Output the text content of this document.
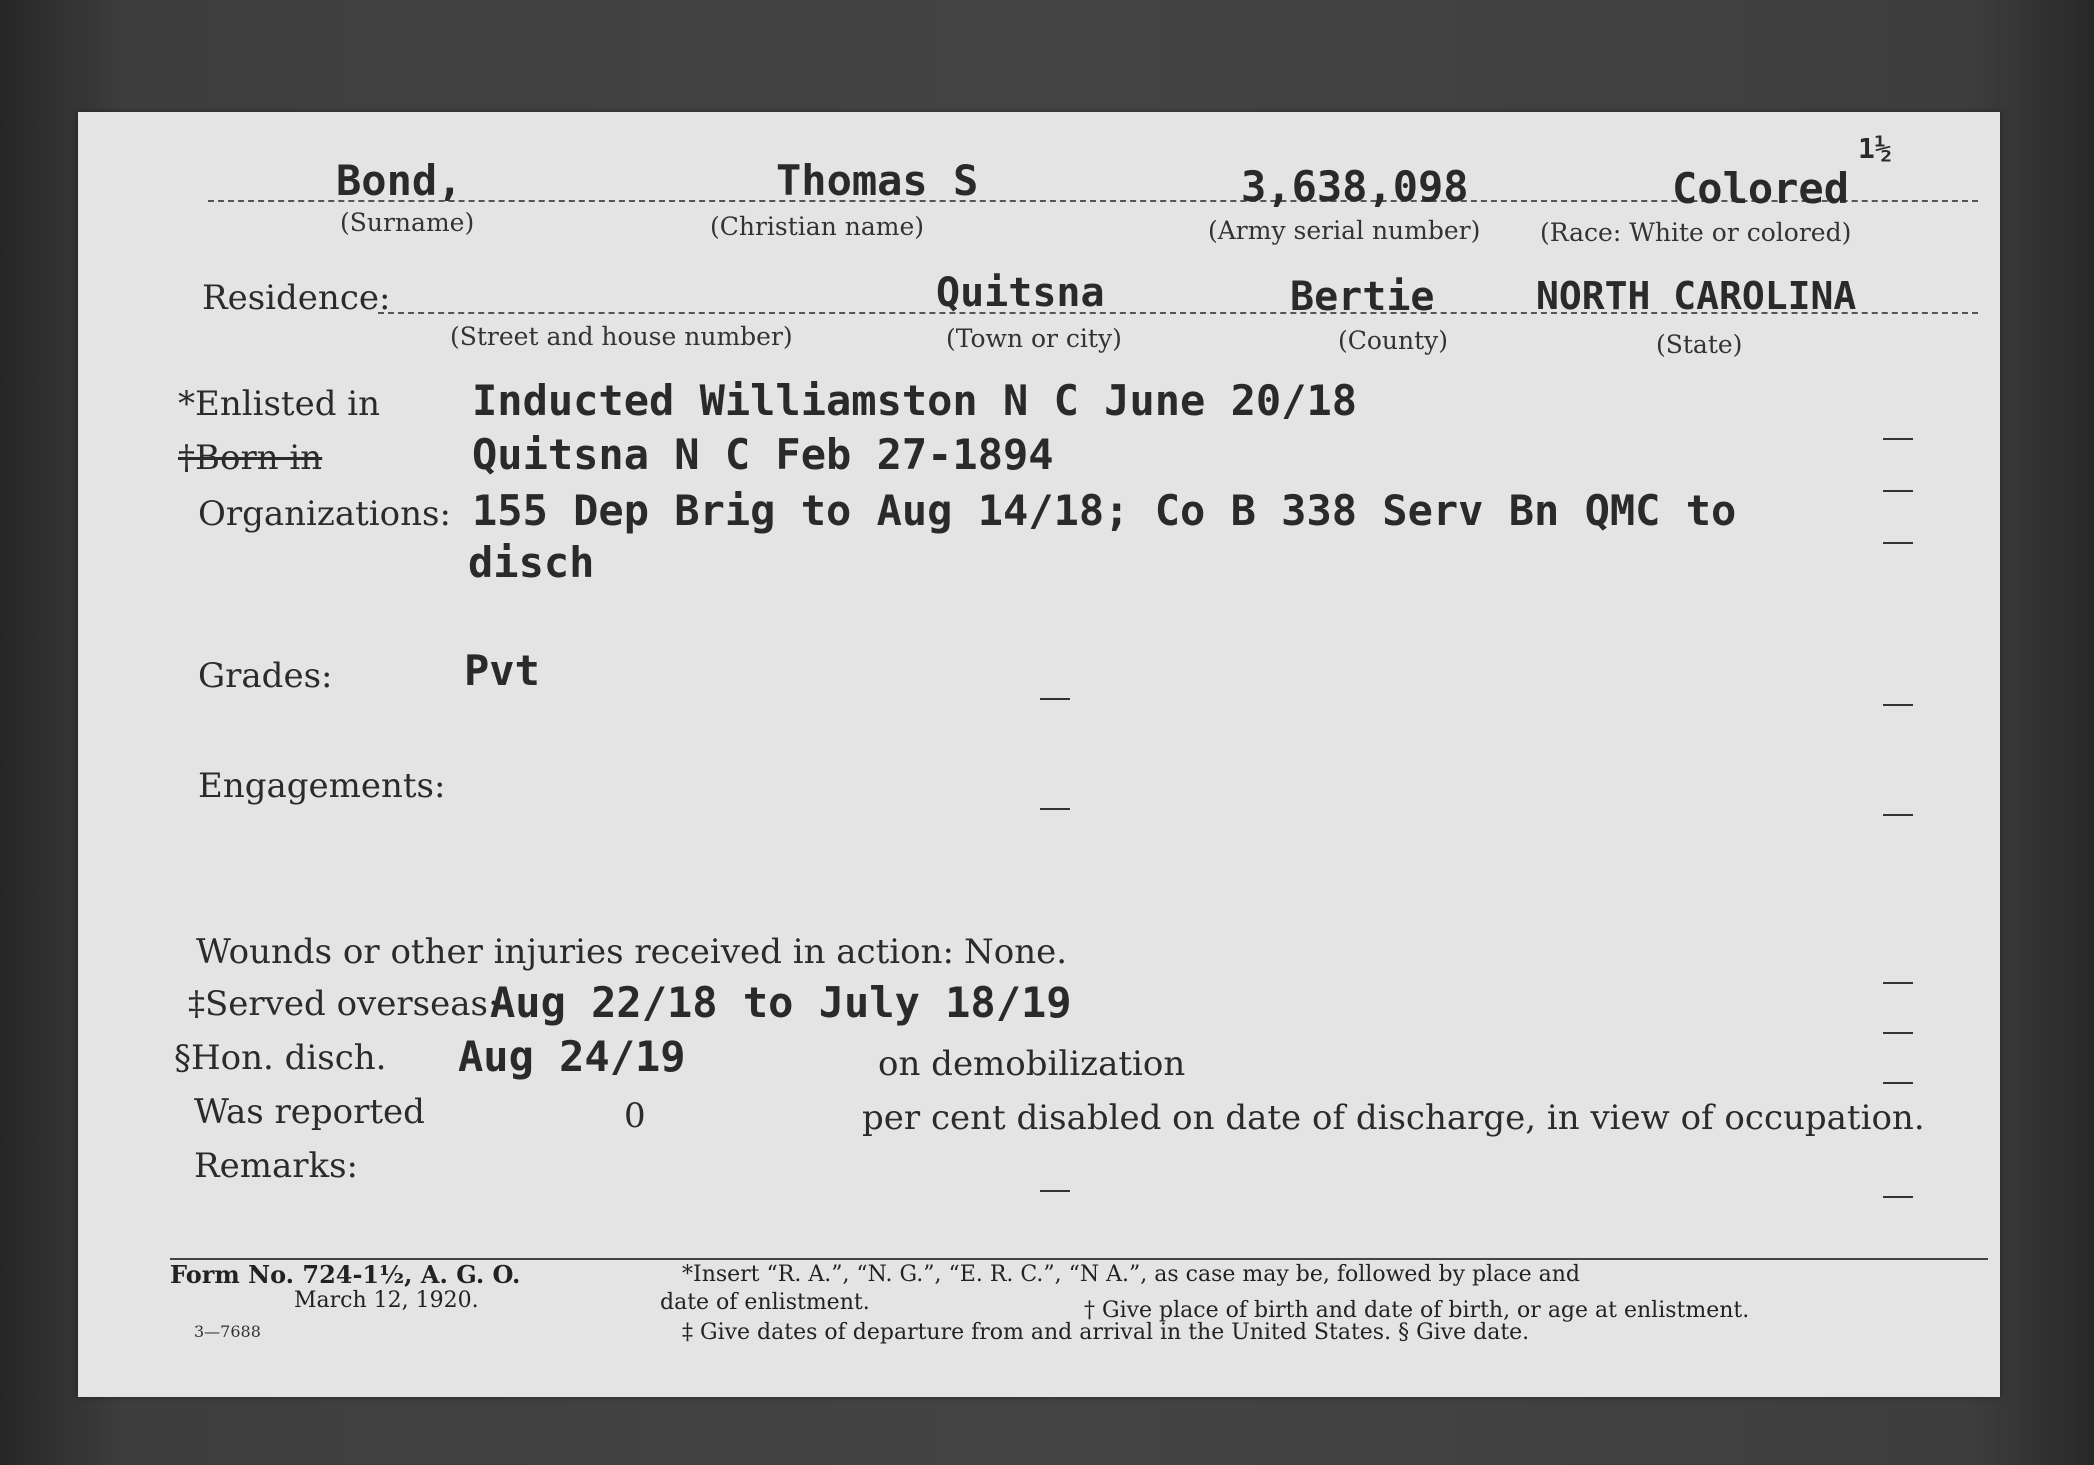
1½
Bond,
(Surname)
Thomas S
(Christian name)
3,638,098
(Army serial number)
Colored
(Race: White or colored)
Residence:
(Street and house number)
Quitsna
(Town or city)
Bertie
(County)
NORTH CAROLINA
(State)
*Enlisted in Inducted Williamston N C June 20/18
†Born in	Quitsna N C Feb 27-1894
Organizations: 155 Dep Brig to Aug 14/18; Co B 338 Serv Bn QMC to
disch
Grades:	Pvt
Engagements:
Wounds or other injuries received in action: None.
‡Served overseas:
Aug 22/18 to July 18/19
§Hon. disch. Aug 24/19	on demobilization
Was reported	0	per cent disabled on date of discharge, in view of occupation.
Remarks:
Form No. 724-1½, A. G. O.
March 12, 1920.
3—7688
*Insert “R. A.”, “N. G.”, “E. R. C.”, “N A.”, as case may be, followed by place and
date of enlistment.	† Give place of birth and date of birth, or age at enlistment.
‡ Give dates of departure from and arrival in the United States. § Give date.
